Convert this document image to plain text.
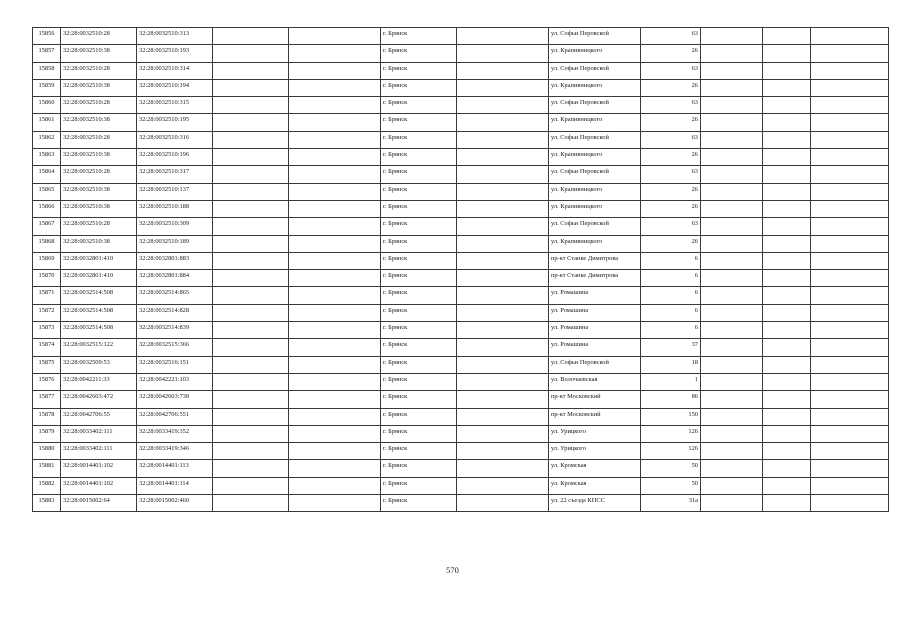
15856	32:28:0032510:28	32:28:0032510:313			г. Брянск		ул. Софьи Перовской	63			
15857	32:28:0032510:38	32:28:0032510:193			г. Брянск		ул. Крапивницкого	26			
15858	32:28:0032510:28	32:28:0032510:314			г. Брянск		ул. Софьи Перовской	63			
15859	32:28:0032510:38	32:28:0032510:194			г. Брянск		ул. Крапивницкого	26			
15860	32:28:0032510:28	32:28:0032510:315			г. Брянск		ул. Софьи Перовской	63			
15861	32:28:0032510:38	32:28:0032510:195			г. Брянск		ул. Крапивницкого	26			
15862	32:28:0032510:28	32:28:0032510:316			г. Брянск		ул. Софьи Перовской	63			
15863	32:28:0032510:38	32:28:0032510:196			г. Брянск		ул. Крапивницкого	26			
15864	32:28:0032510:28	32:28:0032510:317			г. Брянск		ул. Софьи Перовской	63			
15865	32:28:0032510:38	32:28:0032510:137			г. Брянск		ул. Крапивницкого	26			
15866	32:28:0032510:38	32:28:0032510:188			г. Брянск		ул. Крапивницкого	26			
15867	32:28:0032510:28	32:28:0032510:309			г. Брянск		ул. Софьи Перовской	63			
15868	32:28:0032510:38	32:28:0032510:189			г. Брянск		ул. Крапивницкого	26			
15869	32:28:0032801:410	32:28:0032801:883			г. Брянск		пр-кт Станке Димитрова	6			
15870	32:28:0032801:410	32:28:0032801:884			г. Брянск		пр-кт Станке Димитрова	6			
15871	32:28:0032514:508	32:28:0032514:865			г. Брянск		ул. Ромашина	6			
15872	32:28:0032514:508	32:28:0032514:828			г. Брянск		ул. Ромашина	6			
15873	32:28:0032514:508	32:28:0032514:839			г. Брянск		ул. Ромашина	6			
15874	32:28:0032515:122	32:28:0032515:366			г. Брянск		ул. Ромашина	37			
15875	32:28:0032509:53	32:28:0032516:151			г. Брянск		ул. Софьи Перовской	18			
15876	32:28:0042211:33	32:28:0042221:103			г. Брянск		ул. Волочаевская	1			
15877	32:28:0042603:472	32:28:0042603:738			г. Брянск		пр-кт Московский	86			
15878	32:28:0042706:55	32:28:0042706:551			г. Брянск		пр-кт Московский	150			
15879	32:28:0033402:111	32:28:0033419:352			г. Брянск		ул. Урицкого	126			
15880	32:28:0033402:111	32:28:0033419:346			г. Брянск		ул. Урицкого	126			
15881	32:28:0014401:102	32:28:0014401:113			г. Брянск		ул. Кромская	50			
15882	32:28:0014401:102	32:28:0014401:114			г. Брянск		ул. Кромская	50			
15883	32:28:0015002:64	32:28:0015002:460			г. Брянск		ул. 22 съезда КПСС	31а			
570
